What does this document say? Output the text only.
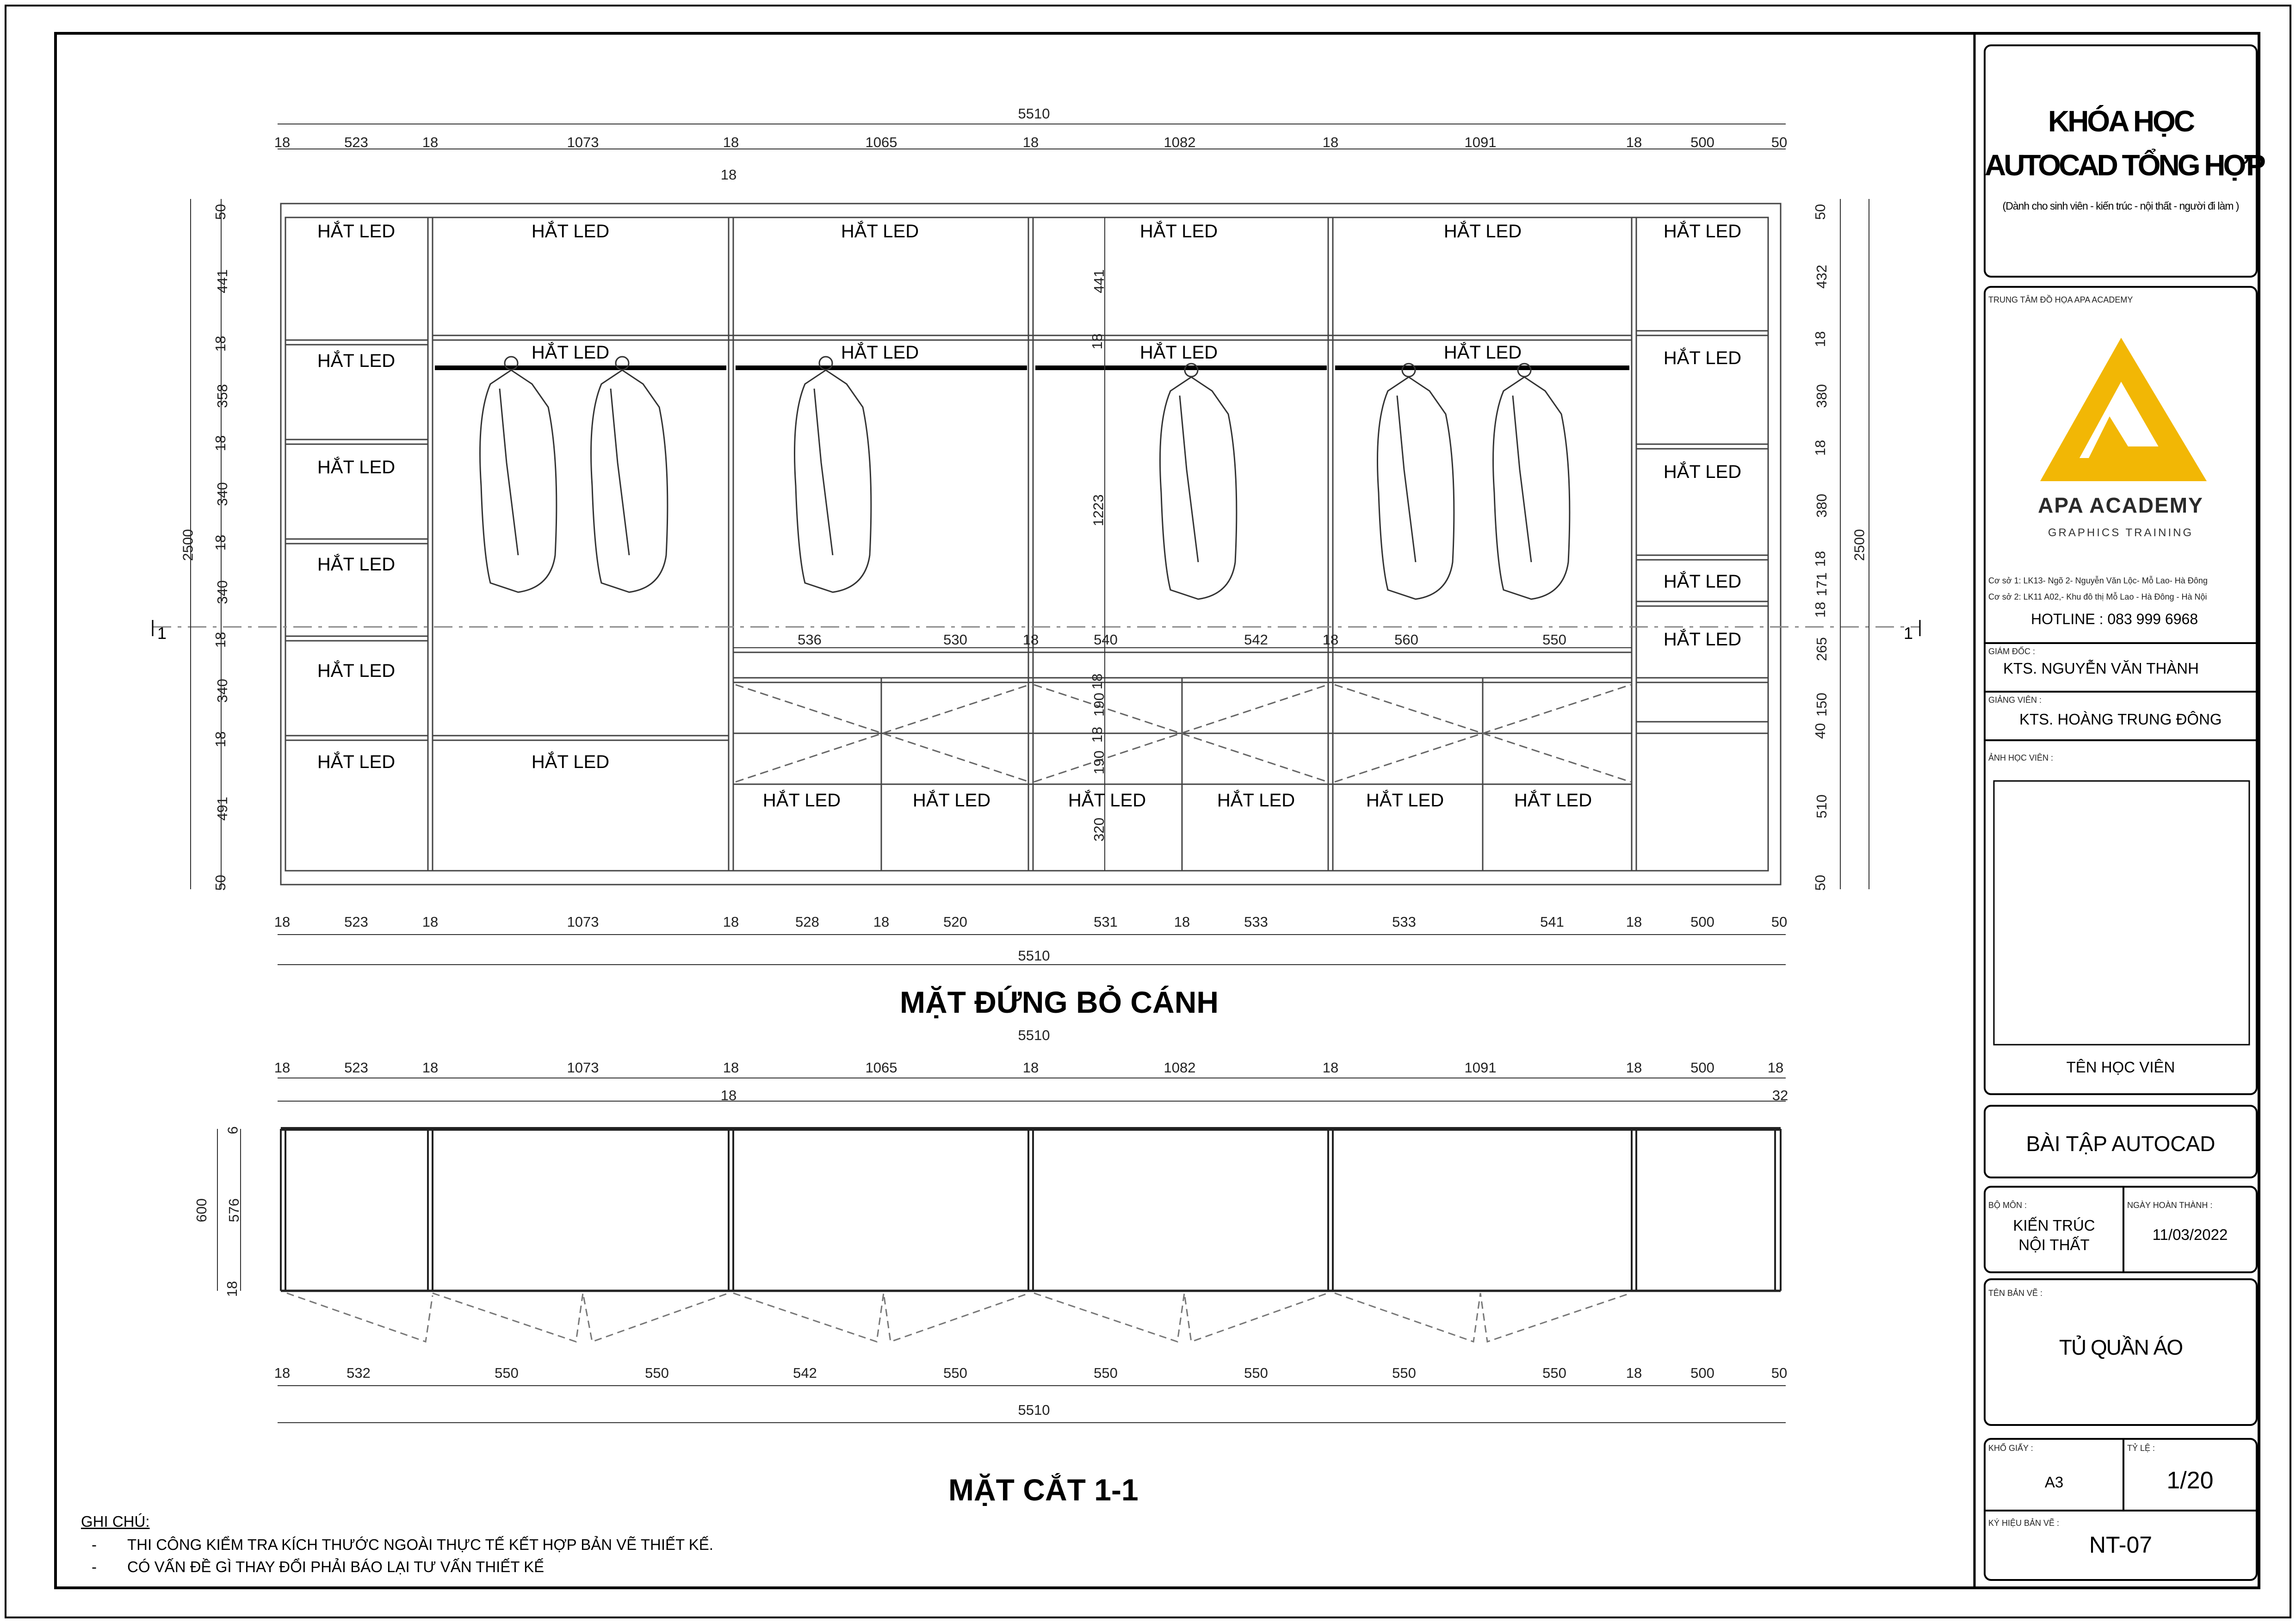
HẮT LED	HẮT LED	HẮT LED	HẮT LED	HẮT LED	HẮT LED
HẮT LED	HẮT LED	HẮT LED	HẮT LED	HẮT LED	HẮT LED
HẮT LED	HẮT LED
HẮT LED
HẮT LED
HẮT LED
HẮT LED
HẮT LED	HẮT LED
HẮT LED	HẮT LED	HẮT LED	HẮT LED	HẮT LED	HẮT LED
1	1
5510
5510
2500	2500
18	523	18	1073	18	1065	18	1082	18	1091	18	500	50
18
18	523	18	1073	18	528	18	520	531	18	533	533	541	18	500	50
50
441
18
358
18
340
18
340
18
340
18
491
50
50
432
18
380
18
380
18
171
18
265
150
40
510
50
441
18
1223
18
190
18
190
320
536	530	18	540	542	18	560	550
MẶT ĐỨNG BỎ CÁNH
5510
18	523	18	1073	18	1065	18	1082	18	1091	18	500	18
18	32
600 576
18
6
18	532	550	550	542	550	550	550	550	550	18	500	50
5510
MẶT CẮT 1-1
GHI CHÚ:
- THI CÔNG KIỂM TRA KÍCH THƯỚC NGOÀI THỰC TẾ KẾT HỢP BẢN VẼ THIẾT KẾ.
- CÓ VẤN ĐỀ GÌ THAY ĐỔI PHẢI BÁO LẠI TƯ VẤN THIẾT KẾ
KHÓA HỌC
AUTOCAD TỔNG HỢP
(Dành cho sinh viên - kiến trúc - nội thất - người đi làm )
TRUNG TÂM ĐỒ HỌA APA ACADEMY
APA ACADEMY
GRAPHICS TRAINING
Cơ sở 1: LK13- Ngõ 2- Nguyễn Văn Lộc- Mỗ Lao- Hà Đông
Cơ sở 2: LK11 A02,- Khu đô thị Mỗ Lao - Hà Đông - Hà Nội
HOTLINE : 083 999 6968
GIÁM ĐỐC :
KTS. NGUYỄN VĂN THÀNH
GIẢNG VIÊN :
KTS. HOÀNG TRUNG ĐÔNG
ẢNH HỌC VIÊN :
TÊN HỌC VIÊN
BÀI TẬP AUTOCAD
BỘ MÔN :
KIẾN TRÚC
NỘI THẤT
NGÀY HOÀN THÀNH :
11/03/2022
TÊN BẢN VẼ :
TỦ QUẦN ÁO
KHỔ GIẤY :
A3
TỶ LỆ :
1/20
KÝ HIỆU BẢN VẼ :
NT-07
